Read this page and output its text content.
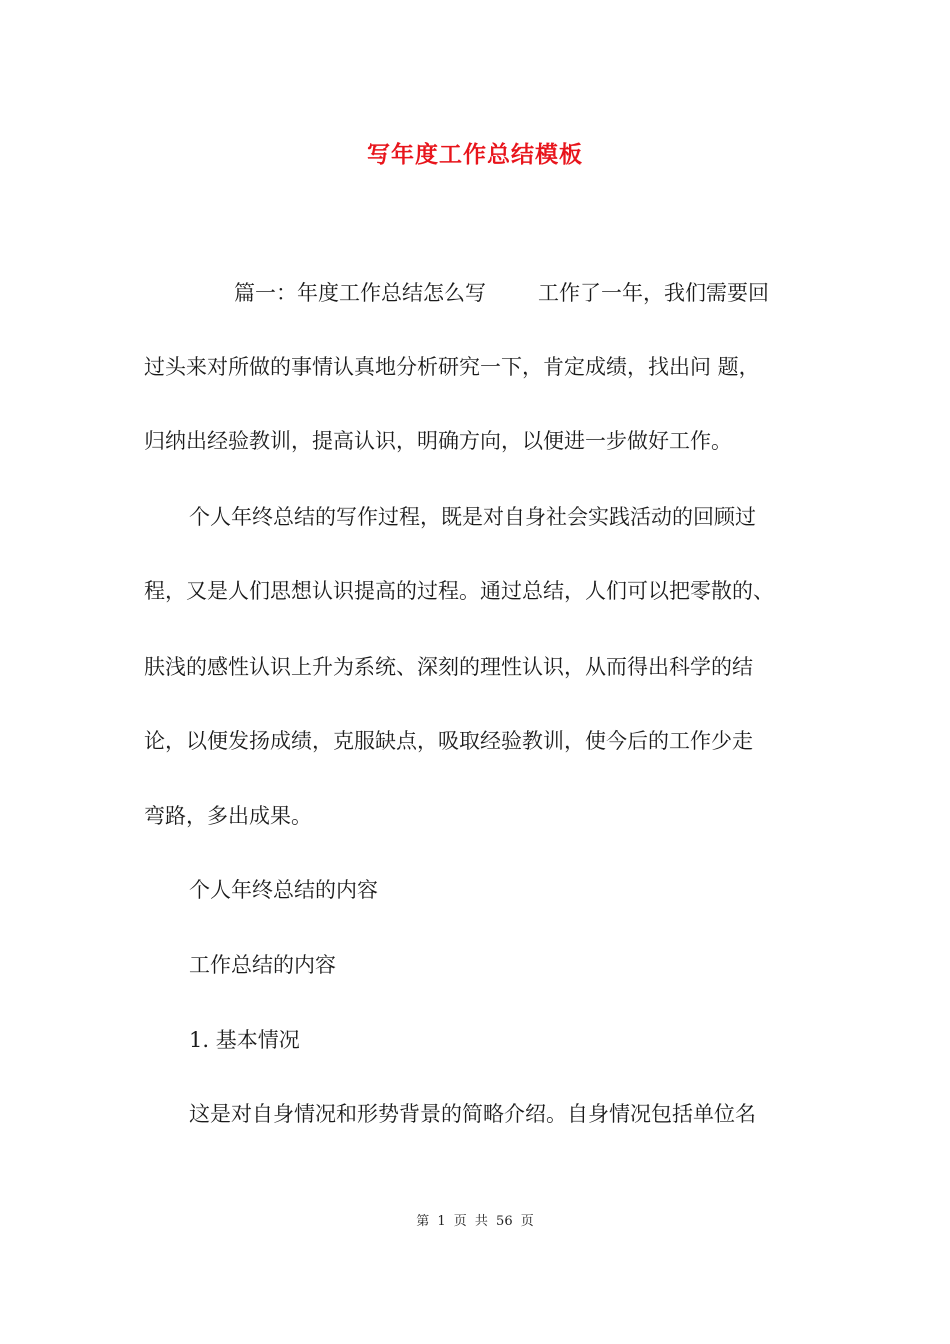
写年度工作总结模板
篇一：年度工作总结怎么写 工作了一年，我们需要回
过头来对所做的事情认真地分析研究一下，肯定成绩，找出问 题，
归纳出经验教训，提高认识，明确方向，以便进一步做好工作。
个人年终总结的写作过程，既是对自身社会实践活动的回顾过
程，又是人们思想认识提高的过程。通过总结，人们可以把零散的、
肤浅的感性认识上升为系统、深刻的理性认识，从而得出科学的结
论，以便发扬成绩，克服缺点，吸取经验教训，使今后的工作少走
弯路，多出成果。
个人年终总结的内容
工作总结的内容
1. 基本情况
这是对自身情况和形势背景的简略介绍。自身情况包括单位名
第 1 页 共 56 页
